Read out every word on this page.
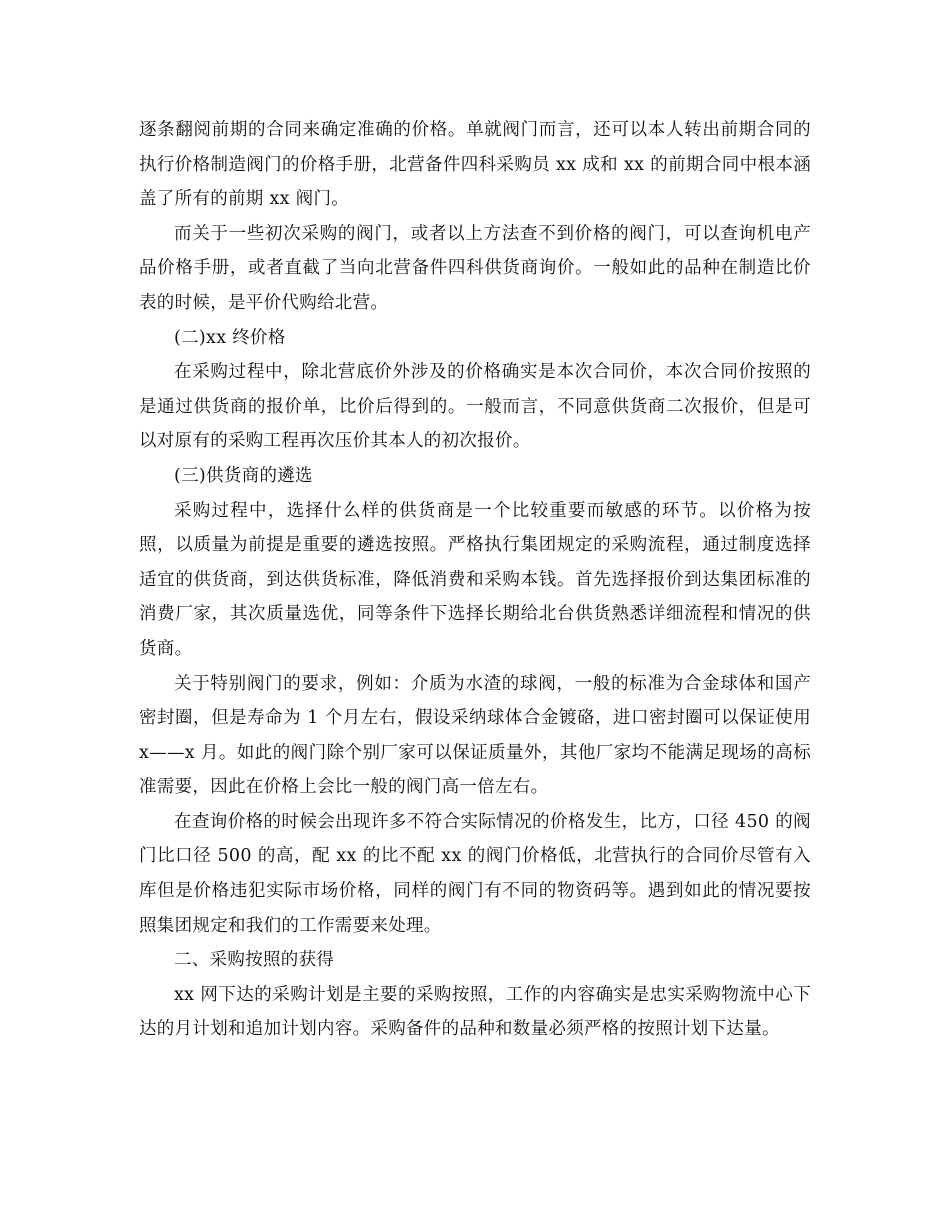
逐条翻阅前期的合同来确定准确的价格。单就阀门而言，还可以本人转出前期合同的执行价格制造阀门的价格手册，北营备件四科采购员 xx 成和 xx 的前期合同中根本涵盖了所有的前期 xx 阀门。

而关于一些初次采购的阀门，或者以上方法查不到价格的阀门，可以查询机电产品价格手册，或者直截了当向北营备件四科供货商询价。一般如此的品种在制造比价表的时候，是平价代购给北营。

(二)xx 终价格

在采购过程中，除北营底价外涉及的价格确实是本次合同价，本次合同价按照的是通过供货商的报价单，比价后得到的。一般而言，不同意供货商二次报价，但是可以对原有的采购工程再次压价其本人的初次报价。

(三)供货商的遴选

采购过程中，选择什么样的供货商是一个比较重要而敏感的环节。以价格为按照，以质量为前提是重要的遴选按照。严格执行集团规定的采购流程，通过制度选择适宜的供货商，到达供货标准，降低消费和采购本钱。首先选择报价到达集团标准的消费厂家，其次质量选优，同等条件下选择长期给北台供货熟悉详细流程和情况的供货商。

关于特别阀门的要求，例如：介质为水渣的球阀，一般的标准为合金球体和国产密封圈，但是寿命为 1 个月左右，假设采纳球体合金镀硌，进口密封圈可以保证使用 x——x 月。如此的阀门除个别厂家可以保证质量外，其他厂家均不能满足现场的高标准需要，因此在价格上会比一般的阀门高一倍左右。

在查询价格的时候会出现许多不符合实际情况的价格发生，比方，口径 450 的阀门比口径 500 的高，配 xx 的比不配 xx 的阀门价格低，北营执行的合同价尽管有入库但是价格违犯实际市场价格，同样的阀门有不同的物资码等。遇到如此的情况要按照集团规定和我们的工作需要来处理。

二、采购按照的获得

xx 网下达的采购计划是主要的采购按照，工作的内容确实是忠实采购物流中心下达的月计划和追加计划内容。采购备件的品种和数量必须严格的按照计划下达量。
